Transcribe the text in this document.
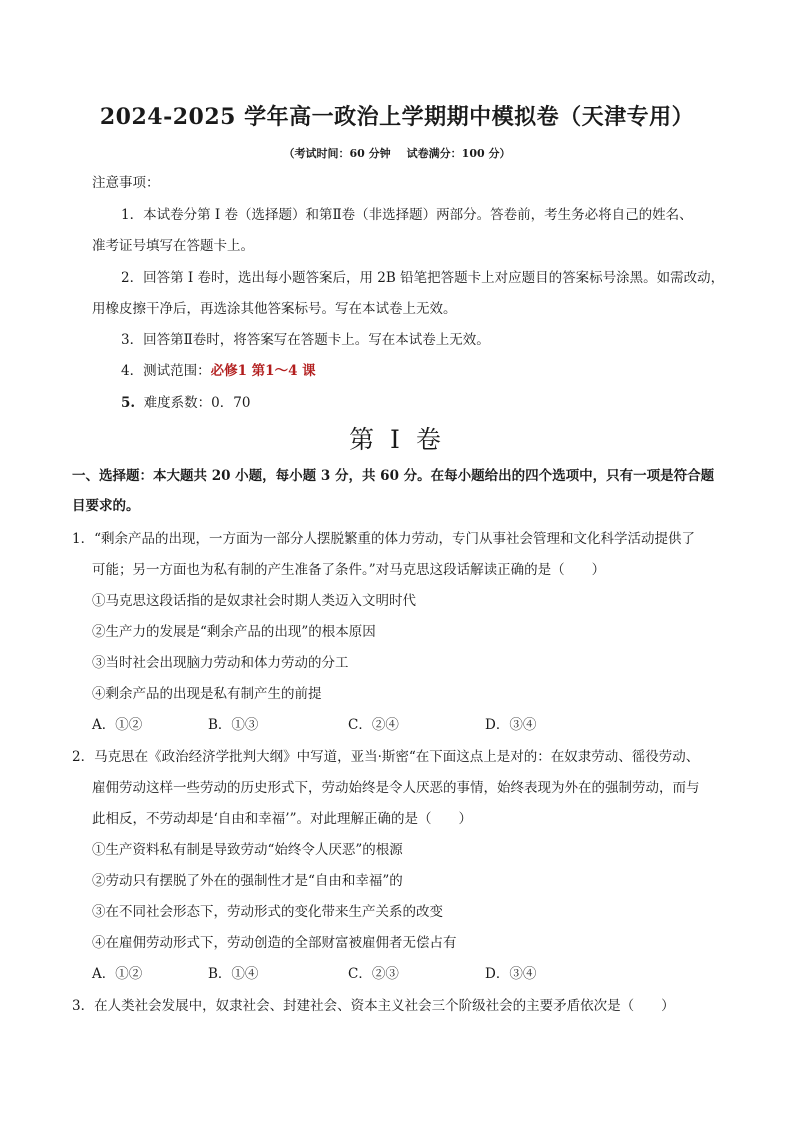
2024-2025 学年高一政治上学期期中模拟卷（天津专用）
（考试时间：60 分钟 试卷满分：100 分）
注意事项：
1．本试卷分第 I 卷（选择题）和第Ⅱ卷（非选择题）两部分。答卷前，考生务必将自己的姓名、
准考证号填写在答题卡上。
2．回答第 I 卷时，选出每小题答案后，用 2B 铅笔把答题卡上对应题目的答案标号涂黑。如需改动，
用橡皮擦干净后，再选涂其他答案标号。写在本试卷上无效。
3．回答第Ⅱ卷时，将答案写在答题卡上。写在本试卷上无效。
4．测试范围：必修1 第1～4 课
5. 难度系数：0．70
第 I 卷
一、选择题：本大题共 20 小题，每小题 3 分，共 60 分。在每小题给出的四个选项中，只有一项是符合题
目要求的。
1．“剩余产品的出现，一方面为一部分人摆脱繁重的体力劳动，专门从事社会管理和文化科学活动提供了
可能；另一方面也为私有制的产生准备了条件。”对马克思这段话解读正确的是（　　）
①马克思这段话指的是奴隶社会时期人类迈入文明时代
②生产力的发展是“剩余产品的出现”的根本原因
③当时社会出现脑力劳动和体力劳动的分工
④剩余产品的出现是私有制产生的前提
A．①②	B．①③	C．②④	D．③④
2．马克思在《政治经济学批判大纲》中写道，亚当·斯密“在下面这点上是对的：在奴隶劳动、徭役劳动、
雇佣劳动这样一些劳动的历史形式下，劳动始终是令人厌恶的事情，始终表现为外在的强制劳动，而与
此相反，不劳动却是‘自由和幸福’”。对此理解正确的是（　　）
①生产资料私有制是导致劳动“始终令人厌恶”的根源
②劳动只有摆脱了外在的强制性才是“自由和幸福”的
③在不同社会形态下，劳动形式的变化带来生产关系的改变
④在雇佣劳动形式下，劳动创造的全部财富被雇佣者无偿占有
A．①②	B．①④	C．②③	D．③④
3．在人类社会发展中，奴隶社会、封建社会、资本主义社会三个阶级社会的主要矛盾依次是（　　）
